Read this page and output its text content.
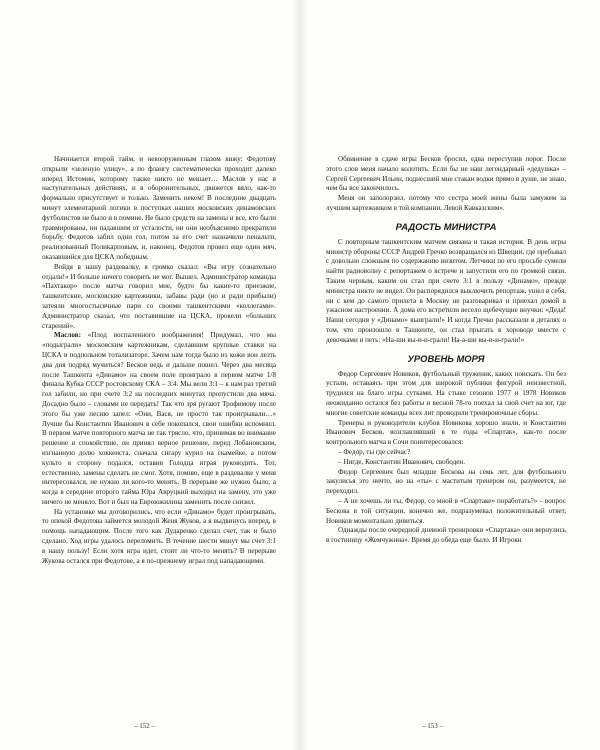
Начинается второй тайм, и невооруженным глазом вижу: Федотову открыли «зеленую улицу», а по флангу систематически проходит далеко вперед Истомин, которому также никто не мешает… Маслов у нас в наступательных действиях, и в оборонительных, движется вяло, как-то формально присутствует и только. Заменить некем! В последние двадцать минут элементарной логики в поступках наших московских динамовских футболистов не было и в помине. Не было средств на замены и все, кто были травмированы, ни падавшим от усталости, ни они необъяснимо прекратили борьбу. Федотов забил один гол, потом за его счет назначили пенальти, реализованный Поликарповым, и, наконец, Федотов провел еще один мяч, оказавшийся для ЦСКА победным.

Войдя в нашу раздевалку, я громко сказал: «Вы игру сознательно отдали!» И больше ничего говорить не мог. Вышел. Администратор команды «Пахтакор» после матча говорил мне, будто бы какие-то приезжие, ташкентские, московские картежники, забавы ради (но и ради прибыли) затеяли многостысячные пари со своими ташкентскими «коллегами». Администратор сказал, что поставившие на ЦСКА, провели «больших старений».

Маслов: «Плод воспаленного воображения! Придумал, что мы «подыграли» московским картежникам, сделавшим крупные ставки на ЦСКА в подпольном тотализаторе. Зачем нам тогда было из кожи вон лезть два дня подряд мучиться? Бесков ведь и дальше пошел. Через два месяца после Ташкента «Динамо» на своем поле проиграло в первом матче 1/8 финала Кубка СССР ростовскому СКА – 3:4. Мы вели 3:1 – к нам раз третий гол забили, но при счете 3:2 на последних минутах пропустили два мяча. Досадно было – словами не передать! Так что зря ругают Трофимову после этого бы уже песню запел: «Они, Вася, не просто так проигрывали…» Лучше бы Константин Иванович в себе покопался, свои ошибки вспомнил. В первом матче повторного матча не так трясло, что, принимая во внимание решение и спокойствие, он принял верное решение, перед Лобановским, изгнанную долю хоккеиста, сначала сигару курил на скамейке, а потом культо в сторону подался, оставив Голодца играя руководить. Тот, естественно, замены сделать не смог. Хотя, помню, еще в раздевалке у меня интересовался, не нужно ли кого-то менять. В перерыве же нужно было, а когда в середине второго тайма Юра Авруцкий выходил на замену, это уже ничего не меняло. Вот и был на Евроюжилина заменить после снизил.

На установке мы договорились, что если «Динамо» будет проигрывать, то опекой Федотова займется молодой Женя Жуков, а я выдвинусь вперед, в помощь нападающим. После того как Дударенко сделал счет, так и было сделано. Ход игры удалось переломить. В течение шести минут мы счет 3:1 в нашу пользу! Если хотя игра идет, стоит ли что-то менять? В перерыве Жукова остался при Федотове, а я по-прежнему играл под нападающими.

– 152 –

Обвинение в сдаче игры Бесков бросил, едва переступив порог. После этого слов меня начало колотить. Если бы не наш легендарный «дедушка» – Сергей Сергеевич Ильин, поднесший мне стакан водки прямо в душе, не знаю, чем бы все закончилось.

Меня он заполорзил, потому что сестра моей жены была замужем за лучшим картежником в той компании, Левой Кавказским».

РАДОСТЬ МИНИСТРА

С повторным ташкентским матчем связана и такая история. В день игры министр обороны СССР Андрей Гречко возвращался из Швеции, где пребывал с довольно сложным по содержанию визитом. Летчики по его просьбе сумели найти радиоволну с репортажем о встрече и запустили его по громкой связи. Таким черным, каким он стал при счете 3:1 в пользу «Динамо», прежде министра никто не видел. Он распорядился выключить репортаж, ушел в себя, ни с кем до самого прилета в Москву не разговаривал и приехал домой в ужасном настроении. А дома его встретили весело щебечущие внучки: «Деда! Наши сегодня у «Динамо» выиграли!» И когда Гречко рассказали в деталях о том, что произошло в Ташкенте, он стал прыгать в хороводе вместе с девочками и петь: «На-ши вы-и-и-грали! На-а-ши вы-и-и-грали!»

УРОВЕНЬ МОРЯ

Федор Сергеевич Новиков, футбольный труженик, каких поискать. Он без устали, оставаясь при этом для широкой публики фигурой неизвестной, трудился на благо игры сутками. На стыке сезонов 1977 и 1978 Новиков неожиданно остался без работы и весной 78-го поехал за свой счет на юг, где многие советские команды всех лиг проводили тренировочные сборы.

Тренеры и руководители клубов Новикова хорошо знали, и Константин Иванович Бесков, возглавлявший в те годы «Спартак», как-то после контрольного матча в Сочи поинтересовался:

– Федор, ты где сейчас?

– Нигде, Константин Иванович, свободен.

Федор Сергеевич был младше Бескова на семь лет, для футбольного закулисья это ничто, но на «ты» с маститым тренером он, разумеется, не переходил.

– А не хочешь ли ты, Федор, со мной в «Спартаке» поработать?» – вопрос Бескова в той ситуации, конечно же, подразумевал положительный ответ, Новиков моментально дивиться.

Однажды после очередной дневной тренировки «Спартака» они вернулись в гостиницу «Жемчужина». Время до обеда еще было. И Игроки

– 153 –
